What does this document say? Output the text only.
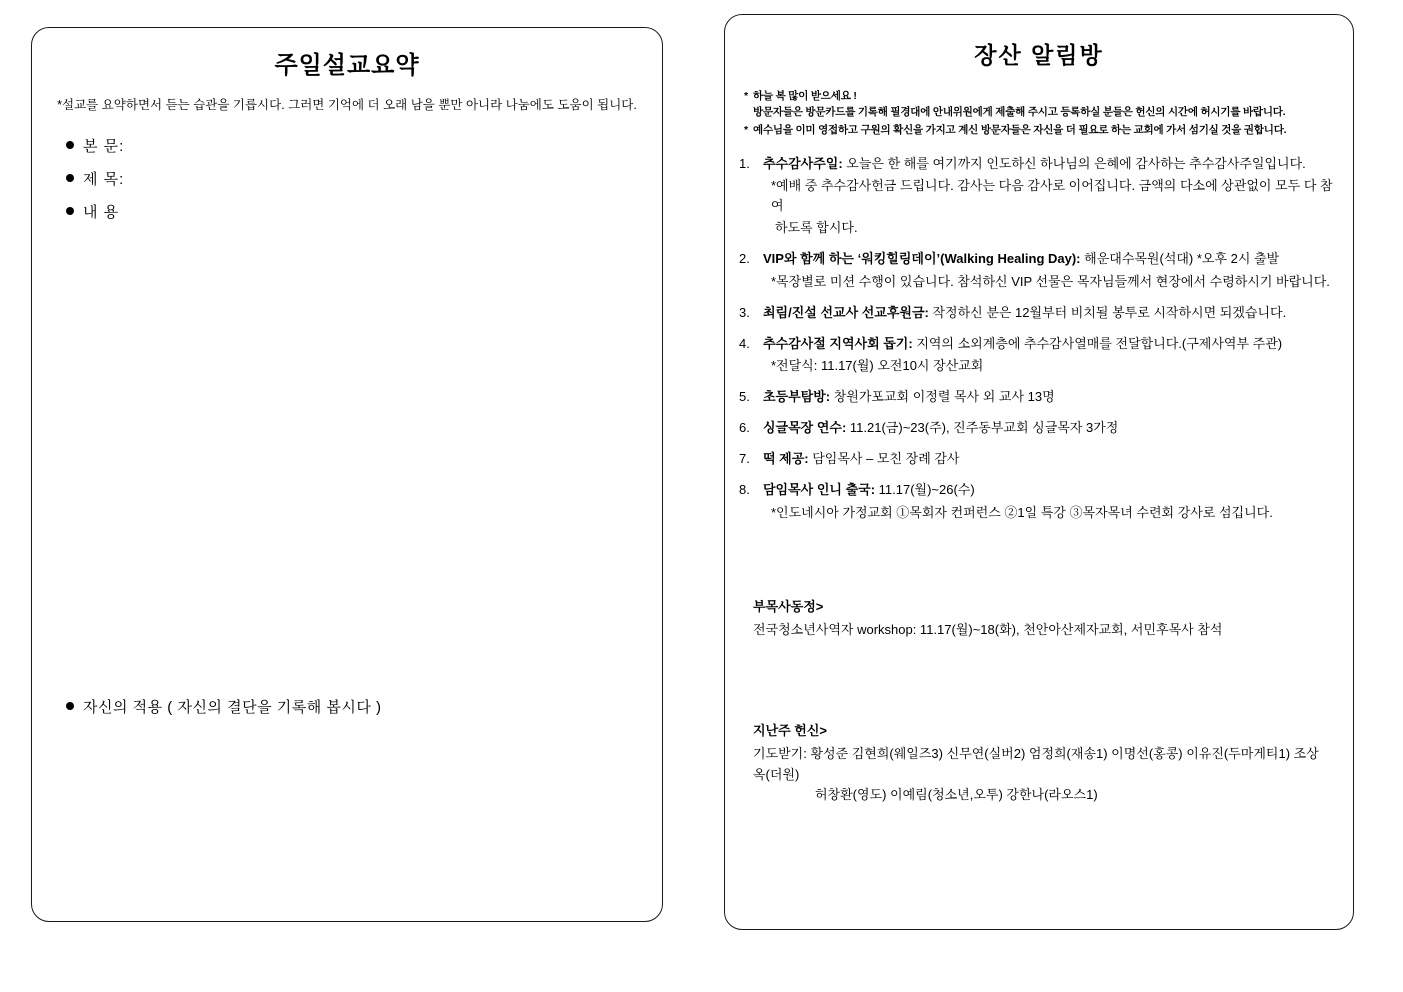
주일설교요약
*설교를 요약하면서 듣는 습관을 기릅시다. 그러면 기억에 더 오래 남을 뿐만 아니라 나눔에도 도움이 됩니다.
본 문:
제 목:
내 용
자신의 적용 ( 자신의 결단을 기록해 봅시다 )
장산 알림방
* 하늘 복 많이 받으세요 !
방문자들은 방문카드를 기록해 필경대에 안내위원에게 제출해 주시고 등록하실 분들은 헌신의 시간에 허시기를 바랍니다.
* 예수님을 이미 영접하고 구원의 확신을 가지고 계신 방문자들은 자신을 더 필요로 하는 교회에 가서 섬기실 것을 권합니다.
1.	추수감사주일: 오늘은 한 해를 여기까지 인도하신 하나님의 은혜에 감사하는 추수감사주일입니다.
*예배 중 추수감사헌금 드립니다. 감사는 다음 감사로 이어집니다. 금액의 다소에 상관없이 모두 다 참여
하도록 합시다.
2.	VIP와 함께 하는 ‘워킹힐링데이’(Walking Healing Day): 해운대수목원(석대) *오후 2시 출발
*목장별로 미션 수행이 있습니다. 참석하신 VIP 선물은 목자님들께서 현장에서 수령하시기 바랍니다.
3.	최림/진설 선교사 선교후원금: 작정하신 분은 12월부터 비치될 봉투로 시작하시면 되겠습니다.
4.	추수감사절 지역사회 돕기: 지역의 소외계층에 추수감사열매를 전달합니다.(구제사역부 주관)
*전달식: 11.17(월) 오전10시 장산교회
5.	초등부탐방: 창원가포교회 이정렬 목사 외 교사 13명
6.	싱글목장 연수: 11.21(금)~23(주), 진주동부교회 싱글목자 3가정
7.	떡 제공: 담임목사 – 모친 장례 감사
8.	담임목사 인니 출국: 11.17(월)~26(수)
*인도네시아 가정교회 ①목회자 컨퍼런스 ②1일 특강 ③목자목녀 수련회 강사로 섬깁니다.
부목사동정>
전국청소년사역자 workshop: 11.17(월)~18(화), 천안아산제자교회, 서민후목사 참석
지난주 헌신>
기도받기: 황성준 김현희(웨일즈3) 신무연(실버2) 엄정희(재송1) 이명선(홍콩) 이유진(두마게티1) 조상옥(더원)
허창환(영도) 이예림(청소년,오투) 강한나(라오스1)
